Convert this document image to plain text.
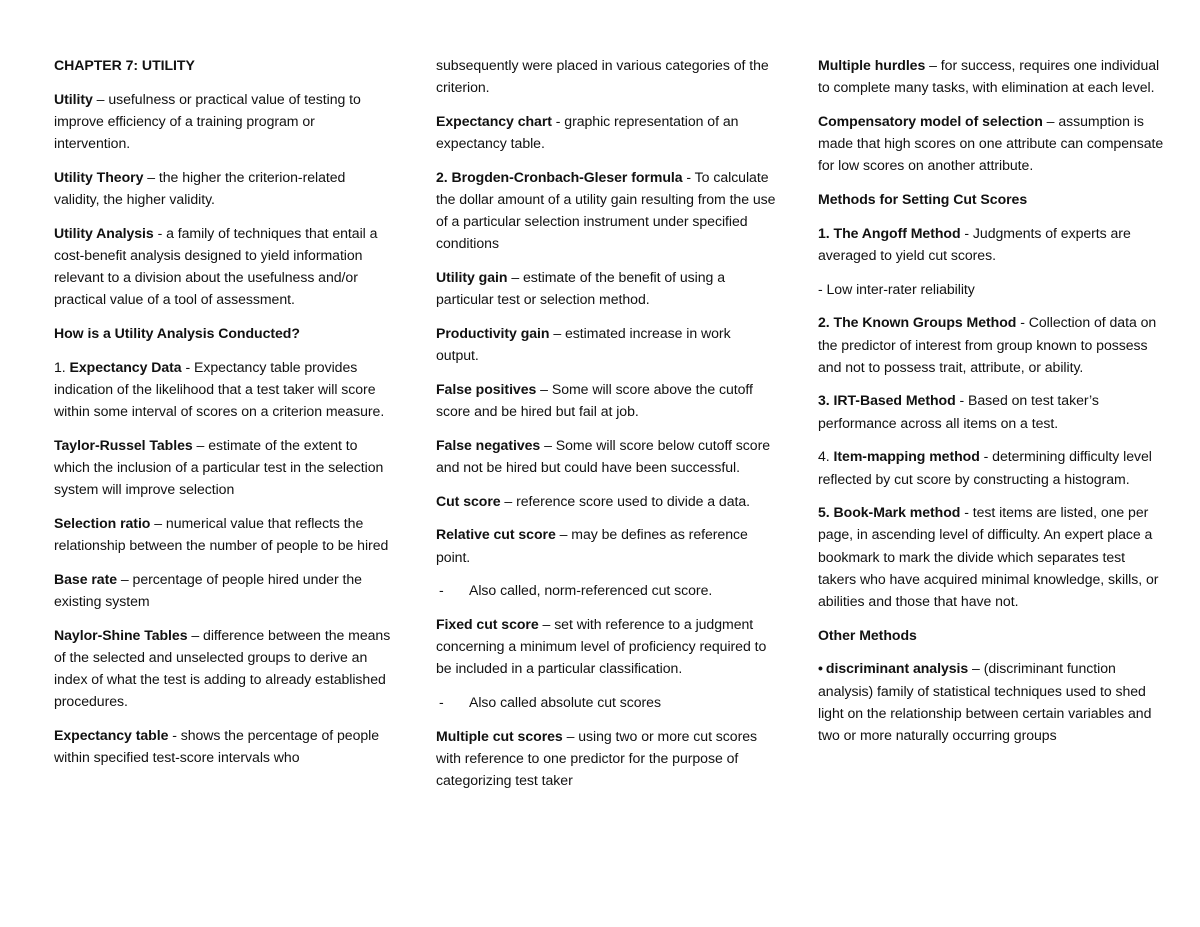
CHAPTER 7: UTILITY
Utility – usefulness or practical value of testing to improve efficiency of a training program or intervention.
Utility Theory – the higher the criterion-related validity, the higher validity.
Utility Analysis - a family of techniques that entail a cost-benefit analysis designed to yield information relevant to a division about the usefulness and/or practical value of a tool of assessment.
How is a Utility Analysis Conducted?
1. Expectancy Data - Expectancy table provides indication of the likelihood that a test taker will score within some interval of scores on a criterion measure.
Taylor-Russel Tables – estimate of the extent to which the inclusion of a particular test in the selection system will improve selection
Selection ratio – numerical value that reflects the relationship between the number of people to be hired
Base rate – percentage of people hired under the existing system
Naylor-Shine Tables – difference between the means of the selected and unselected groups to derive an index of what the test is adding to already established procedures.
Expectancy table - shows the percentage of people within specified test-score intervals who
subsequently were placed in various categories of the criterion.
Expectancy chart - graphic representation of an expectancy table.
2. Brogden-Cronbach-Gleser formula - To calculate the dollar amount of a utility gain resulting from the use of a particular selection instrument under specified conditions
Utility gain – estimate of the benefit of using a particular test or selection method.
Productivity gain – estimated increase in work output.
False positives – Some will score above the cutoff score and be hired but fail at job.
False negatives – Some will score below cutoff score and not be hired but could have been successful.
Cut score – reference score used to divide a data.
Relative cut score – may be defines as reference point.
-	Also called, norm-referenced cut score.
Fixed cut score – set with reference to a judgment concerning a minimum level of proficiency required to be included in a particular classification.
-	Also called absolute cut scores
Multiple cut scores – using two or more cut scores with reference to one predictor for the purpose of categorizing test taker
Multiple hurdles – for success, requires one individual to complete many tasks, with elimination at each level.
Compensatory model of selection – assumption is made that high scores on one attribute can compensate for low scores on another attribute.
Methods for Setting Cut Scores
1. The Angoff Method - Judgments of experts are averaged to yield cut scores.
- Low inter-rater reliability
2. The Known Groups Method - Collection of data on the predictor of interest from group known to possess and not to possess trait, attribute, or ability.
3. IRT-Based Method - Based on test taker’s performance across all items on a test.
4. Item-mapping method - determining difficulty level reflected by cut score by constructing a histogram.
5. Book-Mark method - test items are listed, one per page, in ascending level of difficulty. An expert place a bookmark to mark the divide which separates test takers who have acquired minimal knowledge, skills, or abilities and those that have not.
Other Methods
• discriminant analysis – (discriminant function analysis) family of statistical techniques used to shed light on the relationship between certain variables and two or more naturally occurring groups
